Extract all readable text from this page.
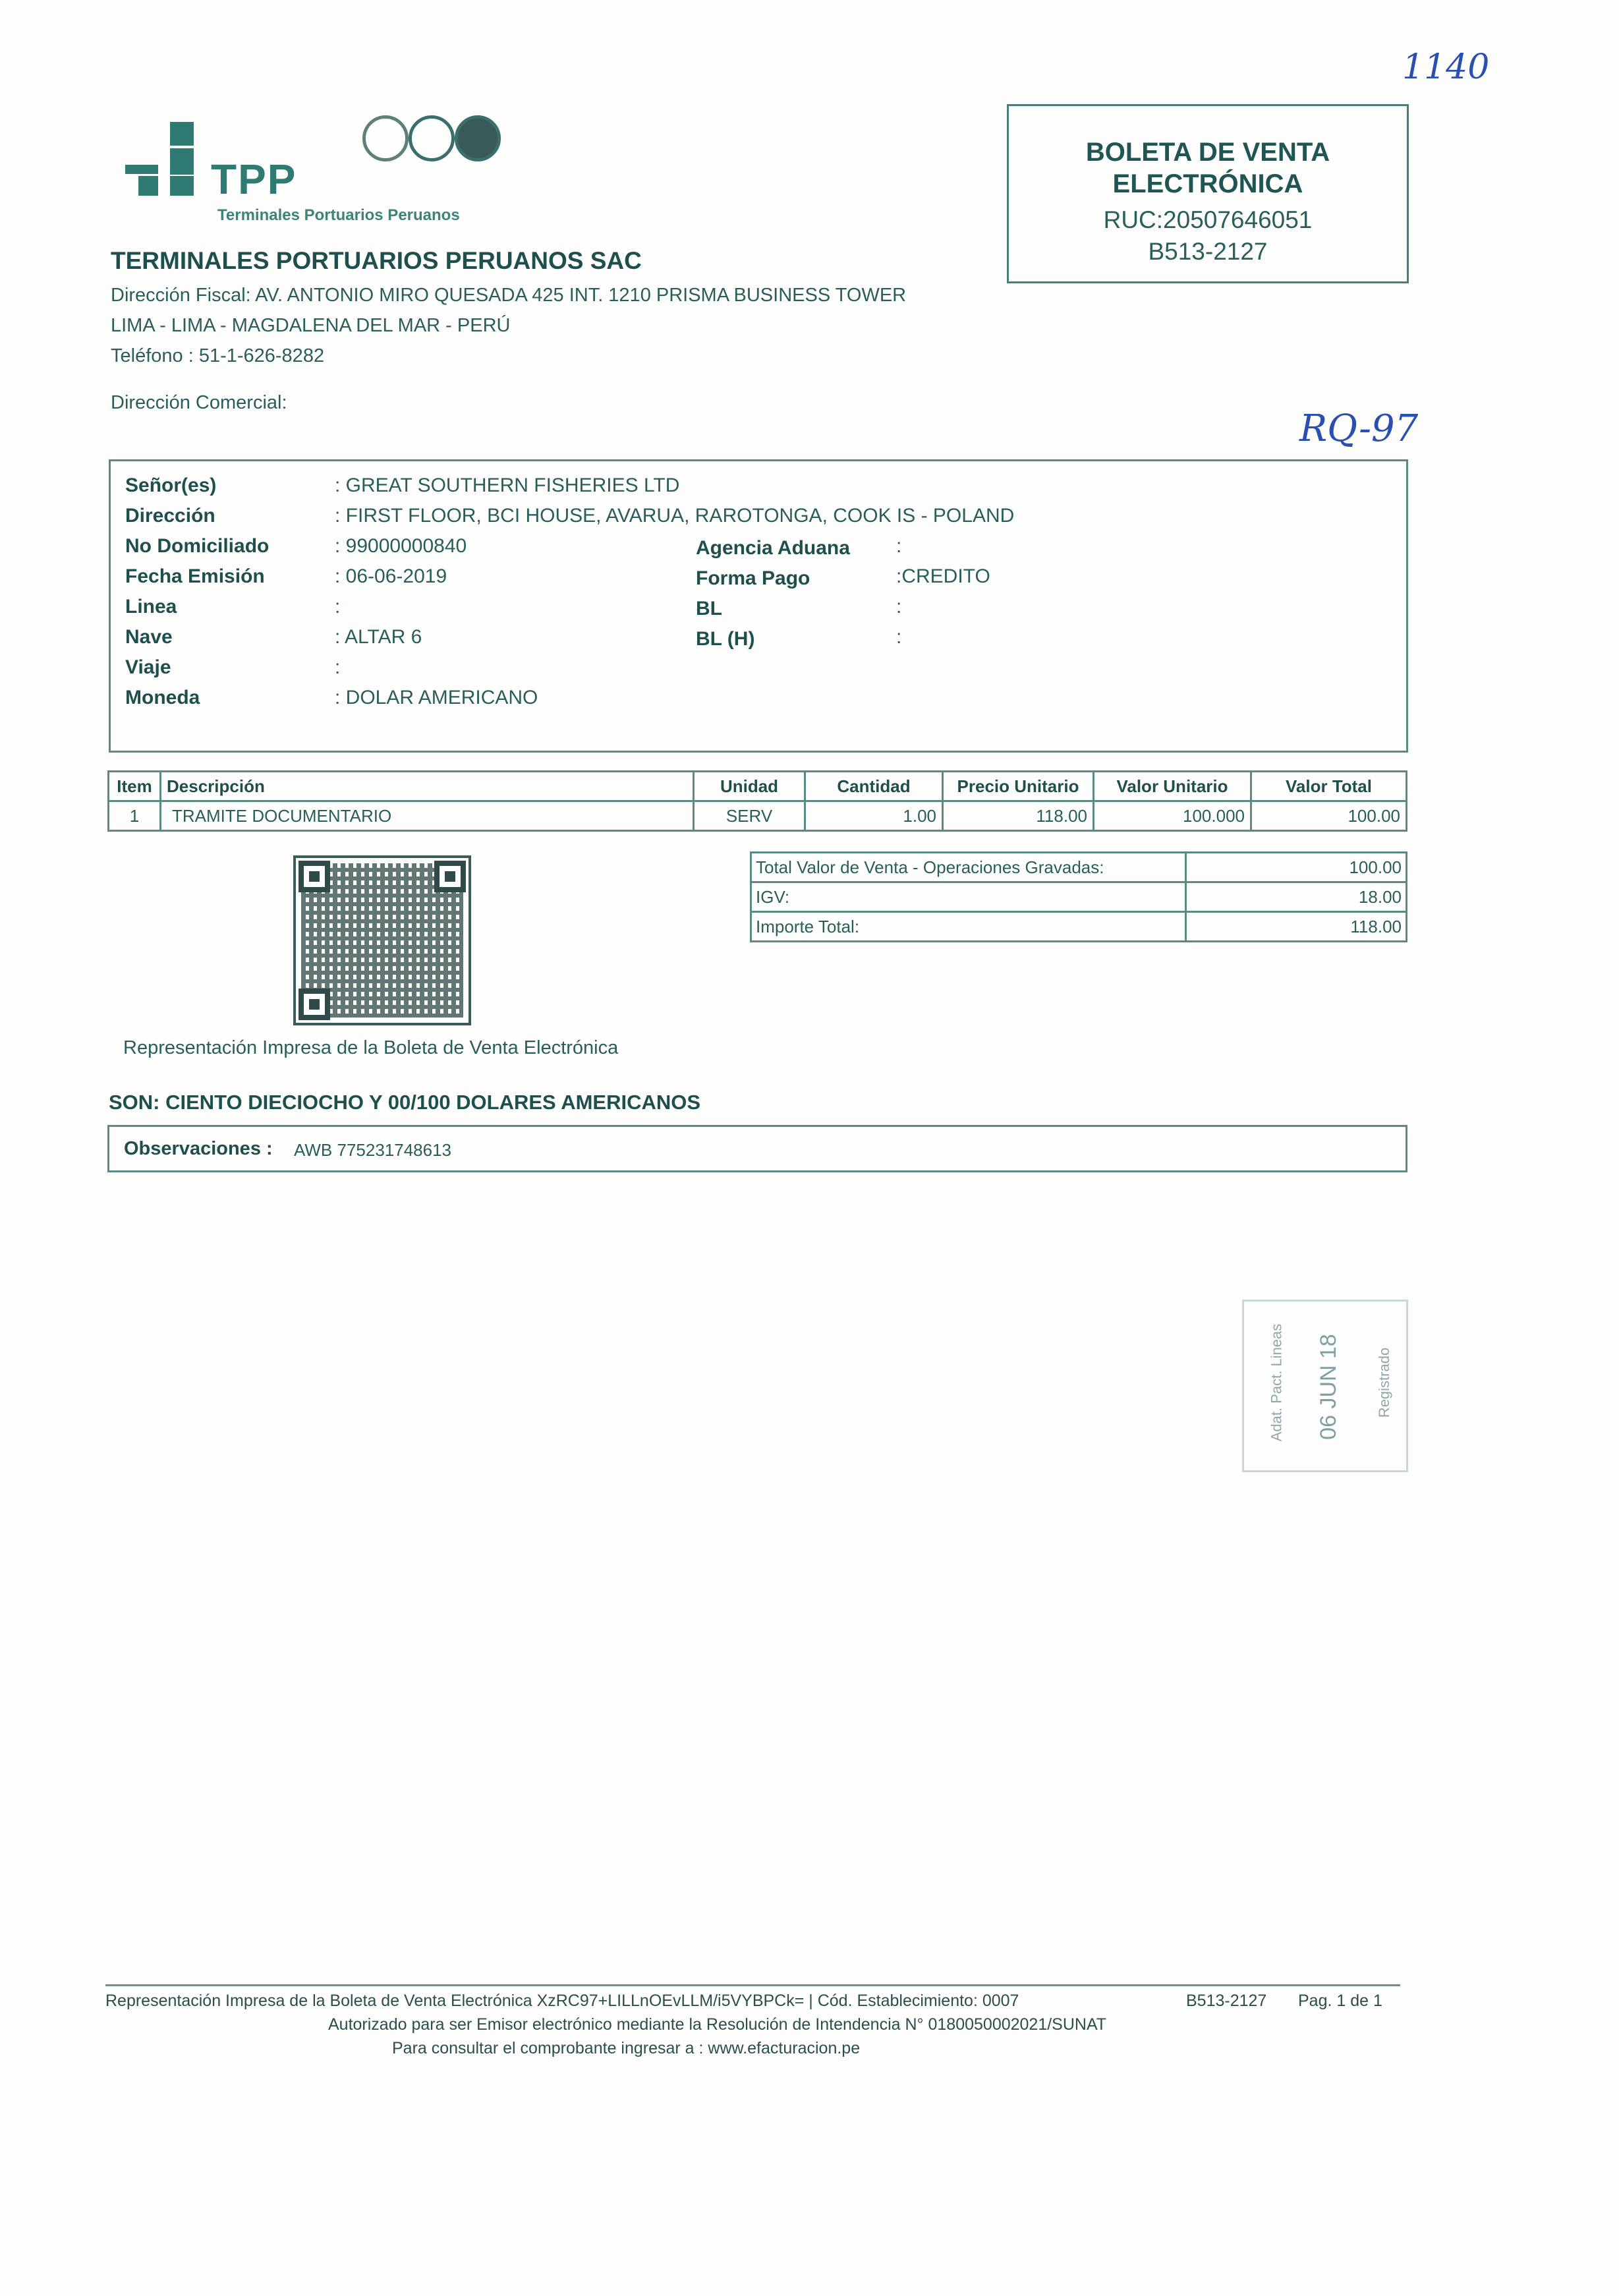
1140
RQ-97
TPP
Terminales Portuarios Peruanos
TERMINALES PORTUARIOS PERUANOS SAC
Dirección Fiscal: AV. ANTONIO MIRO QUESADA 425 INT. 1210 PRISMA BUSINESS TOWER
LIMA - LIMA - MAGDALENA DEL MAR - PERÚ
Teléfono : 51-1-626-8282
Dirección Comercial:
BOLETA DE VENTA
ELECTRÓNICA
RUC:20507646051
B513-2127
Señor(es)	: GREAT SOUTHERN FISHERIES LTD
Dirección	: FIRST FLOOR, BCI HOUSE, AVARUA, RAROTONGA, COOK IS - POLAND
No Domiciliado	: 99000000840	Agencia Aduana :
Fecha Emisión	: 06-06-2019	Forma Pago	:CREDITO
Linea	:	BL	:
Nave	: ALTAR 6	BL (H)	:
Viaje	:
Moneda	: DOLAR AMERICANO
Item	Descripción	Unidad	Cantidad	Precio Unitario	Valor Unitario	Valor Total
1	TRAMITE DOCUMENTARIO	SERV	1.00	118.00	100.000	100.00
Total Valor de Venta - Operaciones Gravadas:	100.00
IGV:	18.00
Importe Total:	118.00
Representación Impresa de la Boleta de Venta Electrónica
SON: CIENTO DIECIOCHO Y 00/100 DOLARES AMERICANOS
Observaciones : AWB 775231748613
Adat. Pact. Lineas 06 JUN 18 Registrado
Representación Impresa de la Boleta de Venta Electrónica XzRC97+LILLnOEvLLM/i5VYBPCk= | Cód. Establecimiento: 0007	B513-2127 Pag. 1 de 1
Autorizado para ser Emisor electrónico mediante la Resolución de Intendencia N° 0180050002021/SUNAT
Para consultar el comprobante ingresar a : www.efacturacion.pe
